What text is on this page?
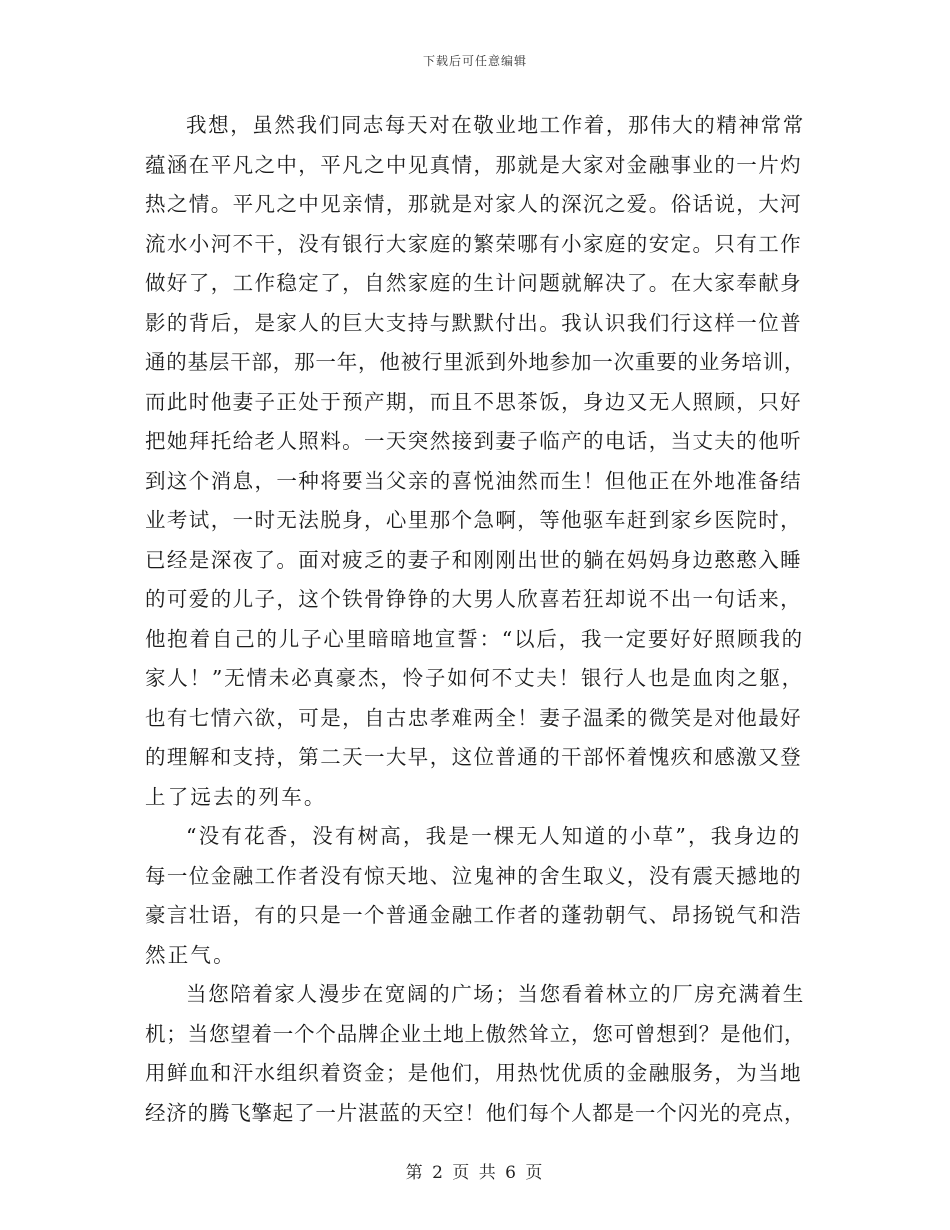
下载后可任意编辑

我想，虽然我们同志每天对在敬业地工作着，那伟大的精神常常
蕴涵在平凡之中，平凡之中见真情，那就是大家对金融事业的一片灼
热之情。平凡之中见亲情，那就是对家人的深沉之爱。俗话说，大河
流水小河不干，没有银行大家庭的繁荣哪有小家庭的安定。只有工作
做好了，工作稳定了，自然家庭的生计问题就解决了。在大家奉献身
影的背后，是家人的巨大支持与默默付出。我认识我们行这样一位普
通的基层干部，那一年，他被行里派到外地参加一次重要的业务培训，
而此时他妻子正处于预产期，而且不思茶饭，身边又无人照顾，只好
把她拜托给老人照料。一天突然接到妻子临产的电话，当丈夫的他听
到这个消息，一种将要当父亲的喜悦油然而生！但他正在外地准备结
业考试，一时无法脱身，心里那个急啊，等他驱车赶到家乡医院时，
已经是深夜了。面对疲乏的妻子和刚刚出世的躺在妈妈身边憨憨入睡
的可爱的儿子，这个铁骨铮铮的大男人欣喜若狂却说不出一句话来，
他抱着自己的儿子心里暗暗地宣誓：“以后，我一定要好好照顾我的
家人！”无情未必真豪杰，怜子如何不丈夫！银行人也是血肉之躯，
也有七情六欲，可是，自古忠孝难两全！妻子温柔的微笑是对他最好
的理解和支持，第二天一大早，这位普通的干部怀着愧疚和感激又登
上了远去的列车。

“没有花香，没有树高，我是一棵无人知道的小草”，我身边的
每一位金融工作者没有惊天地、泣鬼神的舍生取义，没有震天撼地的
豪言壮语，有的只是一个普通金融工作者的蓬勃朝气、昂扬锐气和浩
然正气。

当您陪着家人漫步在宽阔的广场；当您看着林立的厂房充满着生
机；当您望着一个个品牌企业土地上傲然耸立，您可曾想到？是他们，
用鲜血和汗水组织着资金；是他们，用热忱优质的金融服务，为当地
经济的腾飞擎起了一片湛蓝的天空！他们每个人都是一个闪光的亮点，

第 2 页 共 6 页
